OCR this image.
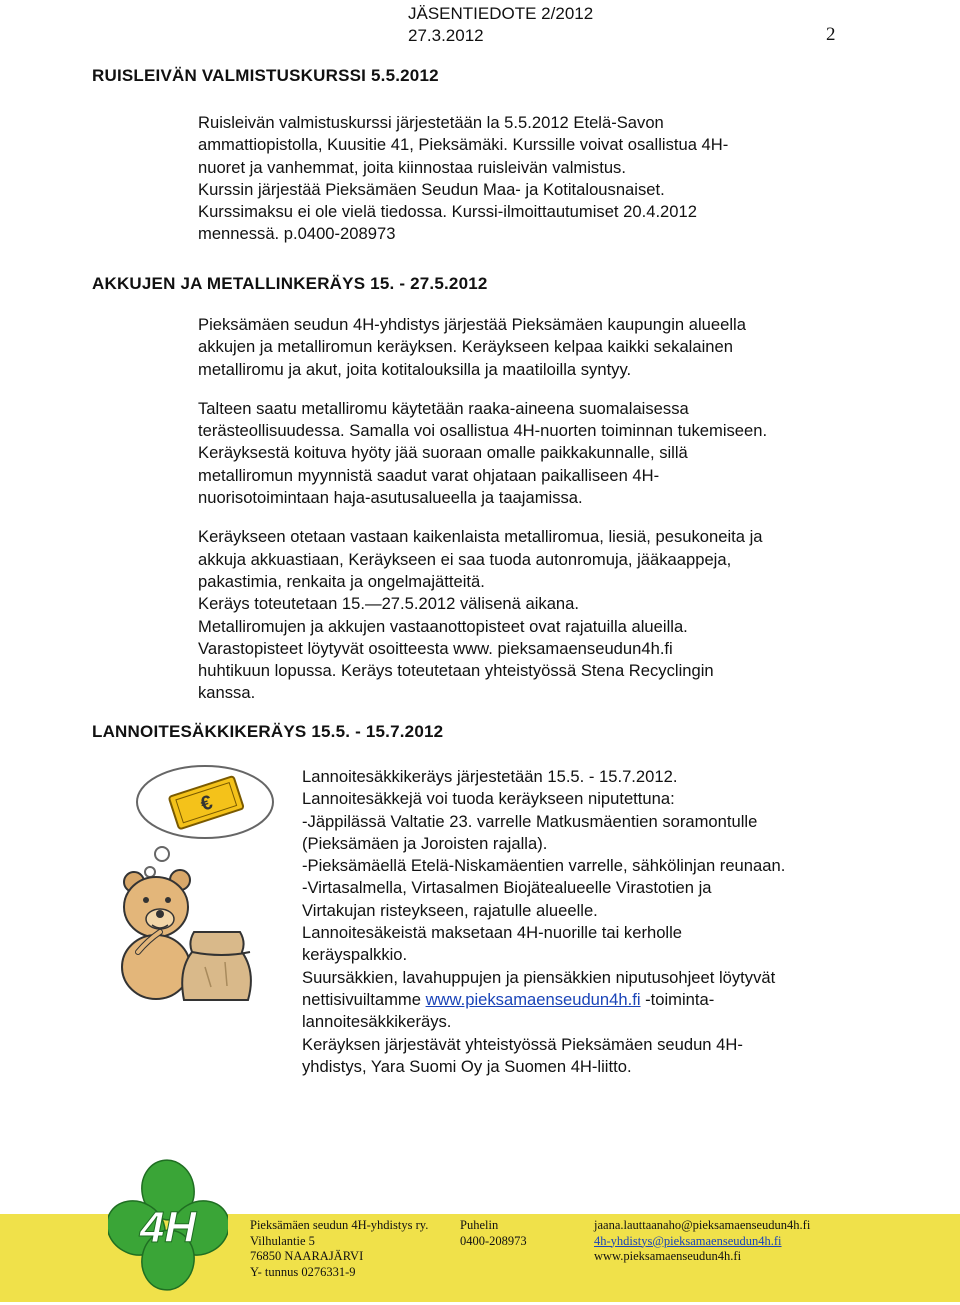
JÄSENTIEDOTE 2/2012
27.3.2012	2
RUISLEIVÄN VALMISTUSKURSSI 5.5.2012
Ruisleivän valmistuskurssi järjestetään la 5.5.2012 Etelä-Savon
ammattiopistolla, Kuusitie 41, Pieksämäki. Kurssille voivat osallistua 4H-
nuoret ja vanhemmat, joita kiinnostaa ruisleivän valmistus.
Kurssin järjestää Pieksämäen Seudun Maa- ja Kotitalousnaiset.
Kurssimaksu ei ole vielä tiedossa. Kurssi-ilmoittautumiset 20.4.2012
mennessä. p.0400-208973
AKKUJEN JA METALLINKERÄYS 15. - 27.5.2012
Pieksämäen seudun 4H-yhdistys järjestää Pieksämäen kaupungin alueella
akkujen ja metalliromun keräyksen. Keräykseen kelpaa kaikki sekalainen
metalliromu ja akut, joita kotitalouksilla ja maatiloilla syntyy.
Talteen saatu metalliromu käytetään raaka-aineena suomalaisessa
terästeollisuudessa. Samalla voi osallistua 4H-nuorten toiminnan tukemiseen.
Keräyksestä koituva hyöty jää suoraan omalle paikkakunnalle, sillä
metalliromun myynnistä saadut varat ohjataan paikalliseen 4H-
nuorisotoimintaan haja-asutusalueella ja taajamissa.
Keräykseen otetaan vastaan kaikenlaista metalliromua, liesiä, pesukoneita ja
akkuja akkuastiaan, Keräykseen ei saa tuoda autonromuja, jääkaappeja,
pakastimia, renkaita ja ongelmajätteitä.
Keräys toteutetaan 15.—27.5.2012 välisenä aikana.
Metalliromujen ja akkujen vastaanottopisteet ovat rajatuilla alueilla.
Varastopisteet löytyvät osoitteesta www. pieksamaenseudun4h.fi
huhtikuun lopussa. Keräys toteutetaan yhteistyössä Stena Recyclingin
kanssa.
LANNOITESÄKKIKERÄYS 15.5. - 15.7.2012
€
Lannoitesäkkikeräys järjestetään 15.5. - 15.7.2012.
Lannoitesäkkejä voi tuoda keräykseen niputettuna:
-Jäppilässä Valtatie 23. varrelle Matkusmäentien soramontulle
(Pieksämäen ja Joroisten rajalla).
-Pieksämäellä Etelä-Niskamäentien varrelle, sähkölinjan reunaan.
-Virtasalmella, Virtasalmen Biojätealueelle Virastotien ja
Virtakujan risteykseen, rajatulle alueelle.
Lannoitesäkeistä maksetaan 4H-nuorille tai kerholle
keräyspalkkio.
Suursäkkien, lavahuppujen ja piensäkkien niputusohjeet löytyvät
nettisivuiltamme www.pieksamaenseudun4h.fi -toiminta-
lannoitesäkkikeräys.
Keräyksen järjestävät yhteistyössä Pieksämäen seudun 4H-
yhdistys, Yara Suomi Oy ja Suomen 4H-liitto.
Pieksämäen seudun 4H-yhdistys ry.
Vilhulantie 5
76850 NAARAJÄRVI
Y- tunnus 0276331-9
Puhelin
0400-208973
jaana.lauttaanaho@pieksamaenseudun4h.fi
4h-yhdistys@pieksamaenseudun4h.fi
www.pieksamaenseudun4h.fi
4H
